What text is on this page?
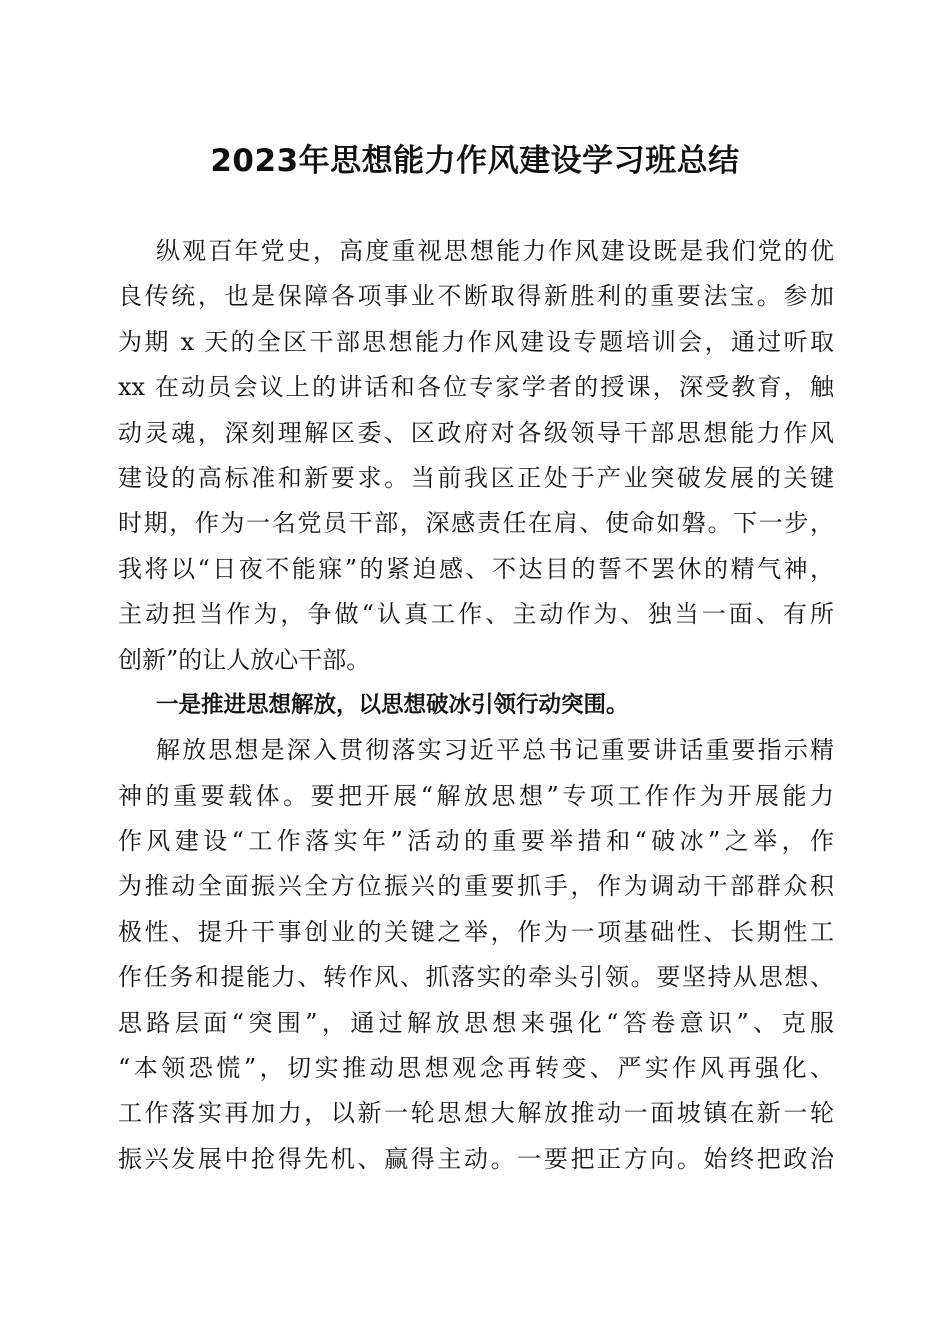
2023年思想能力作风建设学习班总结
纵观百年党史，高度重视思想能力作风建设既是我们党的优
良传统，也是保障各项事业不断取得新胜利的重要法宝。参加
为期 x 天的全区干部思想能力作风建设专题培训会，通过听取
xx 在动员会议上的讲话和各位专家学者的授课，深受教育，触
动灵魂，深刻理解区委、区政府对各级领导干部思想能力作风
建设的高标准和新要求。当前我区正处于产业突破发展的关键
时期，作为一名党员干部，深感责任在肩、使命如磐。下一步，
我将以“日夜不能寐”的紧迫感、不达目的誓不罢休的精气神，
主动担当作为，争做“认真工作、主动作为、独当一面、有所
创新”的让人放心干部。
一是推进思想解放，以思想破冰引领行动突围。
解放思想是深入贯彻落实习近平总书记重要讲话重要指示精
神的重要载体。要把开展“解放思想”专项工作作为开展能力
作风建设“工作落实年”活动的重要举措和“破冰”之举，作
为推动全面振兴全方位振兴的重要抓手，作为调动干部群众积
极性、提升干事创业的关键之举，作为一项基础性、长期性工
作任务和提能力、转作风、抓落实的牵头引领。要坚持从思想、
思路层面“突围”，通过解放思想来强化“答卷意识”、克服
“本领恐慌”，切实推动思想观念再转变、严实作风再强化、
工作落实再加力，以新一轮思想大解放推动一面坡镇在新一轮
振兴发展中抢得先机、赢得主动。一要把正方向。始终把政治
